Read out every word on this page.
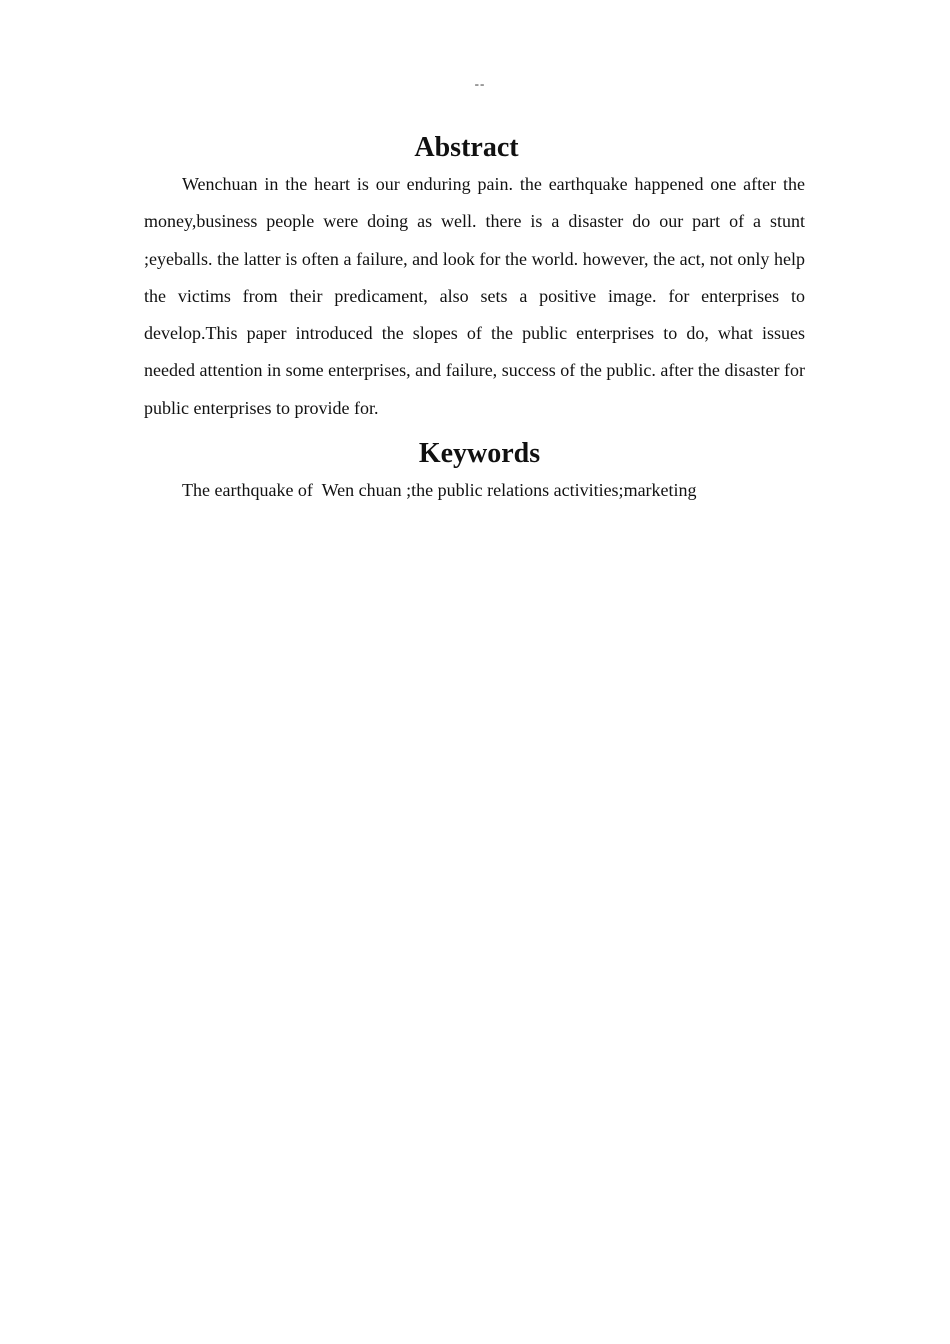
--
Abstract

Wenchuan in the heart is our enduring pain. the earthquake happened one after the money,business people were doing as well. there is a disaster do our part of a stunt ;eyeballs. the latter is often a failure, and look for the world. however, the act, not only help the victims from their predicament, also sets a positive image. for enterprises to develop.This paper introduced the slopes of the public enterprises to do, what issues needed attention in some enterprises, and failure, success of the public. after the disaster for public enterprises to provide for.

Keywords

The earthquake of  Wen chuan ;the public relations activities;marketing
